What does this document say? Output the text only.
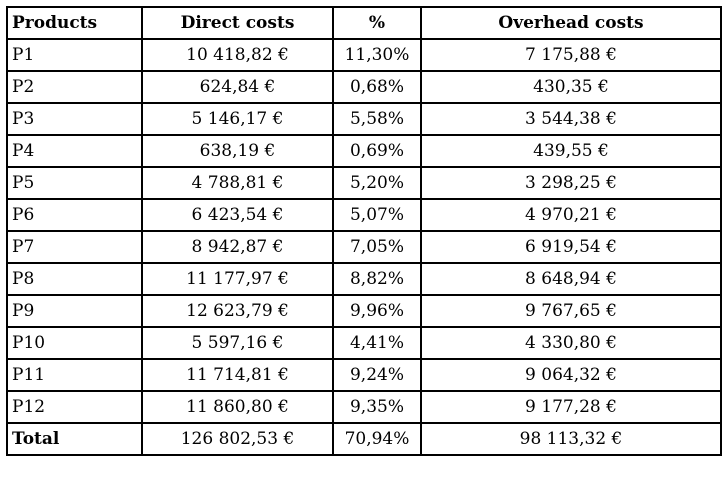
Products	Direct costs	%	Overhead costs
P1	10 418,82 €	11,30%	7 175,88 €
P2	624,84 €	0,68%	430,35 €
P3	5 146,17 €	5,58%	3 544,38 €
P4	638,19 €	0,69%	439,55 €
P5	4 788,81 €	5,20%	3 298,25 €
P6	6 423,54 €	5,07%	4 970,21 €
P7	8 942,87 €	7,05%	6 919,54 €
P8	11 177,97 €	8,82%	8 648,94 €
P9	12 623,79 €	9,96%	9 767,65 €
P10	5 597,16 €	4,41%	4 330,80 €
P11	11 714,81 €	9,24%	9 064,32 €
P12	11 860,80 €	9,35%	9 177,28 €
Total	126 802,53 €	70,94%	98 113,32 €
